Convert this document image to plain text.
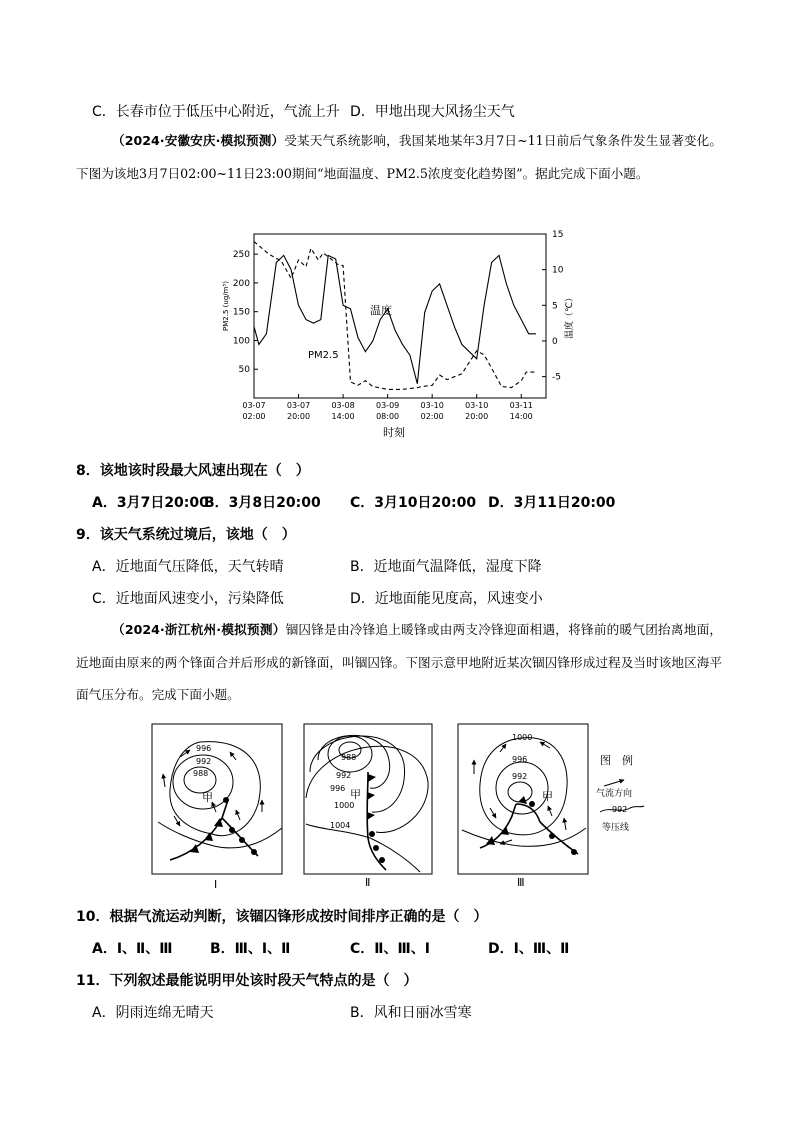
C．长春市位于低压中心附近，气流上升 D．甲地出现大风扬尘天气
（2024·安徽安庆·模拟预测）受某天气系统影响，我国某地某年3月7日~11日前后气象条件发生显著变化。下图为该地3月7日02:00~11日23:00期间“地面温度、PM2.5浓度变化趋势图”。据此完成下面小题。
50
100
150
200
250
-5
0
5
10
15
03-07
02:00
03-07
20:00
03-08
14:00
03-09
08:00
03-10
02:00
03-10
20:00
03-11
14:00
时刻
PM2.5 (ug/m³)	温度（℃）
PM2.5
温度
8．该地该时段最大风速出现在（　）
A．3月7日20:00
B．3月8日20:00 C．3月10日20:00 D．3月11日20:00
9．该天气系统过境后，该地（　）
A．近地面气压降低，天气转晴	B．近地面气温降低，湿度下降
C．近地面风速变小，污染降低	D．近地面能见度高，风速变小
（2024·浙江杭州·模拟预测）锢囚锋是由冷锋追上暖锋或由两支冷锋迎面相遇，将锋前的暖气团抬离地面，近地面由原来的两个锋面合并后形成的新锋面，叫锢囚锋。下图示意甲地附近某次锢囚锋形成过程及当时该地区海平面气压分布。完成下面小题。
996
992
988
甲
Ⅰ
988
992
996
1000
1004
甲
Ⅱ
1000
996
992
甲
Ⅲ
图　例
气流方向
992
等压线
10．根据气流运动判断，该锢囚锋形成按时间排序正确的是（　）
A．Ⅰ、Ⅱ、Ⅲ	B．Ⅲ、Ⅰ、Ⅱ	C．Ⅱ、Ⅲ、Ⅰ	D．Ⅰ、Ⅲ、Ⅱ
11．下列叙述最能说明甲处该时段天气特点的是（　）
A．阴雨连绵无晴天	B．风和日丽冰雪寒
